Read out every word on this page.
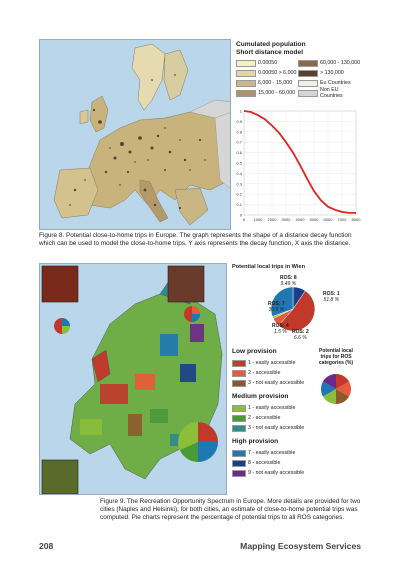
Cumulated population
Short distance model
0.00050
0.00050 > 6,000
6,000 - 15,000
15,000 - 60,000
60,000 - 130,000
> 130,000
Eu Countries
Non EU Countries
0
0.1
0.2
0.3
0.4
0.5
0.6
0.7
0.8
0.9
1
0 1000 2000 3000 4000 5000 6000 7000 8000
Figure 8. Potential close-to-home trips in Europe. The graph represents the shape of a distance decay function which can be used to model the close-to-home trips. Y axis represents the decay function, X axis the distance.
Potential local trips in Wien
ROS: 8
9.49 %
ROS: 1
51.8 %
ROS: 2
6.6 %
ROS: 4
1.5 %
ROS: 7
30.5 %
Low provision
1 - easily accessible
2 - accessible
3 - not easily accessible
Medium provision
1 - easily accessible
2 - accessible
3 - not easily accessible
High provision
7 - easily accessible
8 - accessible
9 - not easily accessible
Potential local trips for ROS categories (%)
Figure 9. The Recreation Opportunity Spectrum in Europe. More details are provided for two cities (Naples and Helsinki); for both cities, an estimate of close-to-home potential trips was computed. Pie charts represent the percentage of potential trips to all ROS categories.
208	Mapping Ecosystem Services
